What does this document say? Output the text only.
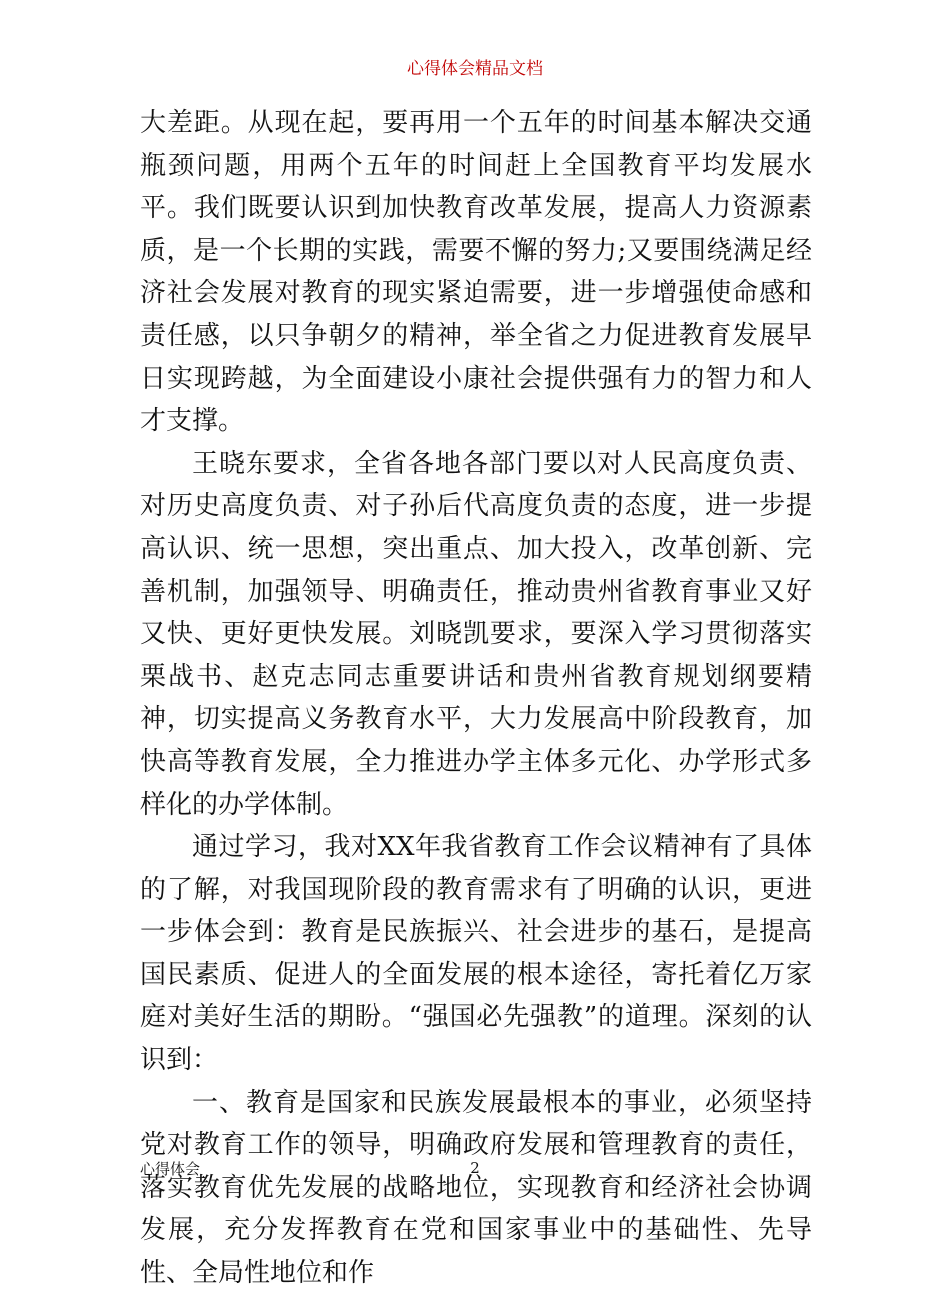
心得体会精品文档

大差距。从现在起，要再用一个五年的时间基本解决交通瓶颈问题，用两个五年的时间赶上全国教育平均发展水平。我们既要认识到加快教育改革发展，提高人力资源素质，是一个长期的实践，需要不懈的努力;又要围绕满足经济社会发展对教育的现实紧迫需要，进一步增强使命感和责任感，以只争朝夕的精神，举全省之力促进教育发展早日实现跨越，为全面建设小康社会提供强有力的智力和人才支撑。

王晓东要求，全省各地各部门要以对人民高度负责、对历史高度负责、对子孙后代高度负责的态度，进一步提高认识、统一思想，突出重点、加大投入，改革创新、完善机制，加强领导、明确责任，推动贵州省教育事业又好又快、更好更快发展。刘晓凯要求，要深入学习贯彻落实栗战书、赵克志同志重要讲话和贵州省教育规划纲要精神，切实提高义务教育水平，大力发展高中阶段教育，加快高等教育发展，全力推进办学主体多元化、办学形式多样化的办学体制。

通过学习，我对XX年我省教育工作会议精神有了具体的了解，对我国现阶段的教育需求有了明确的认识，更进一步体会到：教育是民族振兴、社会进步的基石，是提高国民素质、促进人的全面发展的根本途径，寄托着亿万家庭对美好生活的期盼。“强国必先强教”的道理。深刻的认识到：

一、教育是国家和民族发展最根本的事业，必须坚持党对教育工作的领导，明确政府发展和管理教育的责任，落实教育优先发展的战略地位，实现教育和经济社会协调发展，充分发挥教育在党和国家事业中的基础性、先导性、全局性地位和作

心得体会	2
